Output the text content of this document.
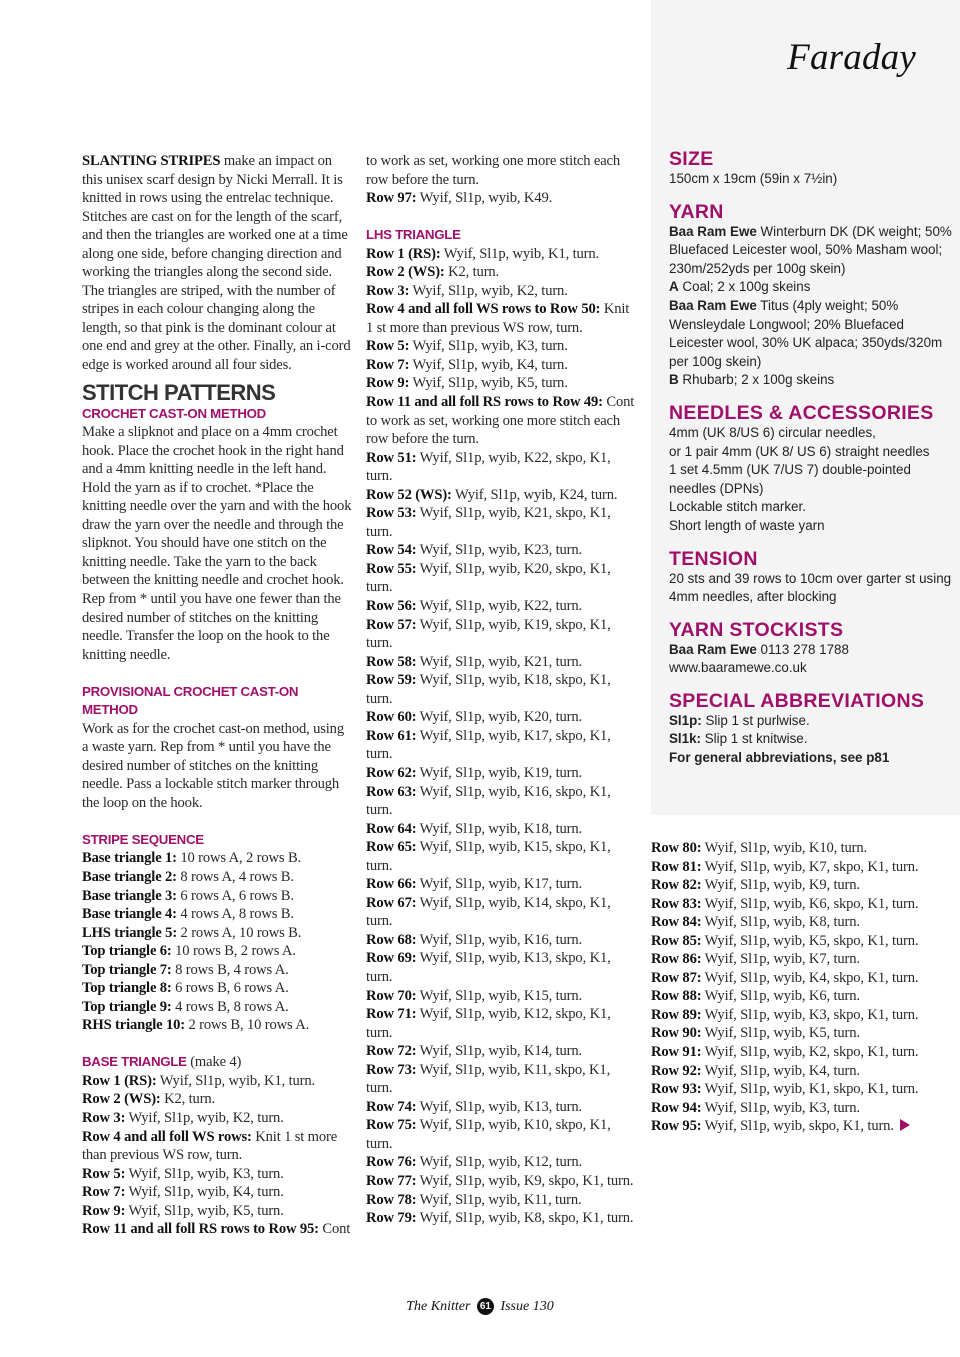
Faraday
SIZE
150cm x 19cm (59in x 7½in)
YARN
Baa Ram Ewe Winterburn DK (DK weight; 50% Bluefaced Leicester wool, 50% Masham wool; 230m/252yds per 100g skein)
A Coal; 2 x 100g skeins
Baa Ram Ewe Titus (4ply weight; 50% Wensleydale Longwool; 20% Bluefaced Leicester wool, 30% UK alpaca; 350yds/320m per 100g skein)
B Rhubarb; 2 x 100g skeins
NEEDLES & ACCESSORIES
4mm (UK 8/US 6) circular needles,
or 1 pair 4mm (UK 8/ US 6) straight needles
1 set 4.5mm (UK 7/US 7) double-pointed needles (DPNs)
Lockable stitch marker.
Short length of waste yarn
TENSION
20 sts and 39 rows to 10cm over garter st using 4mm needles, after blocking
YARN STOCKISTS
Baa Ram Ewe 0113 278 1788
www.baaramewe.co.uk
SPECIAL ABBREVIATIONS
Sl1p: Slip 1 st purlwise.
Sl1k: Slip 1 st knitwise.
For general abbreviations, see p81

SLANTING STRIPES make an impact on this unisex scarf design by Nicki Merrall. It is knitted in rows using the entrelac technique. Stitches are cast on for the length of the scarf, and then the triangles are worked one at a time along one side, before changing direction and working the triangles along the second side. The triangles are striped, with the number of stripes in each colour changing along the length, so that pink is the dominant colour at one end and grey at the other. Finally, an i-cord edge is worked around all four sides.

STITCH PATTERNS
CROCHET CAST-ON METHOD

Make a slipknot and place on a 4mm crochet hook. Place the crochet hook in the right hand and a 4mm knitting needle in the left hand. Hold the yarn as if to crochet. *Place the knitting needle over the yarn and with the hook draw the yarn over the needle and through the slipknot. You should have one stitch on the knitting needle. Take the yarn to the back between the knitting needle and crochet hook. Rep from * until you have one fewer than the desired number of stitches on the knitting needle. Transfer the loop on the hook to the knitting needle.

PROVISIONAL CROCHET CAST-ON METHOD

Work as for the crochet cast-on method, using a waste yarn. Rep from * until you have the desired number of stitches on the knitting needle. Pass a lockable stitch marker through the loop on the hook.

STRIPE SEQUENCE
Base triangle 1: 10 rows A, 2 rows B.
Base triangle 2: 8 rows A, 4 rows B.
Base triangle 3: 6 rows A, 6 rows B.
Base triangle 4: 4 rows A, 8 rows B.
LHS triangle 5: 2 rows A, 10 rows B.
Top triangle 6: 10 rows B, 2 rows A.
Top triangle 7: 8 rows B, 4 rows A.
Top triangle 8: 6 rows B, 6 rows A.
Top triangle 9: 4 rows B, 8 rows A.
RHS triangle 10: 2 rows B, 10 rows A.
BASE TRIANGLE (make 4)
Row 1 (RS): Wyif, Sl1p, wyib, K1, turn.
Row 2 (WS): K2, turn.
Row 3: Wyif, Sl1p, wyib, K2, turn.
Row 4 and all foll WS rows: Knit 1 st more than previous WS row, turn.
Row 5: Wyif, Sl1p, wyib, K3, turn.
Row 7: Wyif, Sl1p, wyib, K4, turn.
Row 9: Wyif, Sl1p, wyib, K5, turn.
Row 11 and all foll RS rows to Row 95: Cont
to work as set, working one more stitch each row before the turn.
Row 97: Wyif, Sl1p, wyib, K49.
LHS TRIANGLE
Row 1 (RS): Wyif, Sl1p, wyib, K1, turn.
Row 2 (WS): K2, turn.
Row 3: Wyif, Sl1p, wyib, K2, turn.
Row 4 and all foll WS rows to Row 50: Knit 1 st more than previous WS row, turn.
Row 5: Wyif, Sl1p, wyib, K3, turn.
Row 7: Wyif, Sl1p, wyib, K4, turn.
Row 9: Wyif, Sl1p, wyib, K5, turn.
Row 11 and all foll RS rows to Row 49: Cont to work as set, working one more stitch each row before the turn.
Row 51: Wyif, Sl1p, wyib, K22, skpo, K1, turn.
Row 52 (WS): Wyif, Sl1p, wyib, K24, turn.
Row 53: Wyif, Sl1p, wyib, K21, skpo, K1, turn.
Row 54: Wyif, Sl1p, wyib, K23, turn.
Row 55: Wyif, Sl1p, wyib, K20, skpo, K1, turn.
Row 56: Wyif, Sl1p, wyib, K22, turn.
Row 57: Wyif, Sl1p, wyib, K19, skpo, K1, turn.
Row 58: Wyif, Sl1p, wyib, K21, turn.
Row 59: Wyif, Sl1p, wyib, K18, skpo, K1, turn.
Row 60: Wyif, Sl1p, wyib, K20, turn.
Row 61: Wyif, Sl1p, wyib, K17, skpo, K1, turn.
Row 62: Wyif, Sl1p, wyib, K19, turn.
Row 63: Wyif, Sl1p, wyib, K16, skpo, K1, turn.
Row 64: Wyif, Sl1p, wyib, K18, turn.
Row 65: Wyif, Sl1p, wyib, K15, skpo, K1, turn.
Row 66: Wyif, Sl1p, wyib, K17, turn.
Row 67: Wyif, Sl1p, wyib, K14, skpo, K1, turn.
Row 68: Wyif, Sl1p, wyib, K16, turn.
Row 69: Wyif, Sl1p, wyib, K13, skpo, K1, turn.
Row 70: Wyif, Sl1p, wyib, K15, turn.
Row 71: Wyif, Sl1p, wyib, K12, skpo, K1, turn.
Row 72: Wyif, Sl1p, wyib, K14, turn.
Row 73: Wyif, Sl1p, wyib, K11, skpo, K1, turn.
Row 74: Wyif, Sl1p, wyib, K13, turn.
Row 75: Wyif, Sl1p, wyib, K10, skpo, K1, turn.
Row 76: Wyif, Sl1p, wyib, K12, turn.
Row 77: Wyif, Sl1p, wyib, K9, skpo, K1, turn.
Row 78: Wyif, Sl1p, wyib, K11, turn.
Row 79: Wyif, Sl1p, wyib, K8, skpo, K1, turn.
Row 80: Wyif, Sl1p, wyib, K10, turn.
Row 81: Wyif, Sl1p, wyib, K7, skpo, K1, turn.
Row 82: Wyif, Sl1p, wyib, K9, turn.
Row 83: Wyif, Sl1p, wyib, K6, skpo, K1, turn.
Row 84: Wyif, Sl1p, wyib, K8, turn.
Row 85: Wyif, Sl1p, wyib, K5, skpo, K1, turn.
Row 86: Wyif, Sl1p, wyib, K7, turn.
Row 87: Wyif, Sl1p, wyib, K4, skpo, K1, turn.
Row 88: Wyif, Sl1p, wyib, K6, turn.
Row 89: Wyif, Sl1p, wyib, K3, skpo, K1, turn.
Row 90: Wyif, Sl1p, wyib, K5, turn.
Row 91: Wyif, Sl1p, wyib, K2, skpo, K1, turn.
Row 92: Wyif, Sl1p, wyib, K4, turn.
Row 93: Wyif, Sl1p, wyib, K1, skpo, K1, turn.
Row 94: Wyif, Sl1p, wyib, K3, turn.
Row 95: Wyif, Sl1p, wyib, skpo, K1, turn.
The Knitter 61 Issue 130
